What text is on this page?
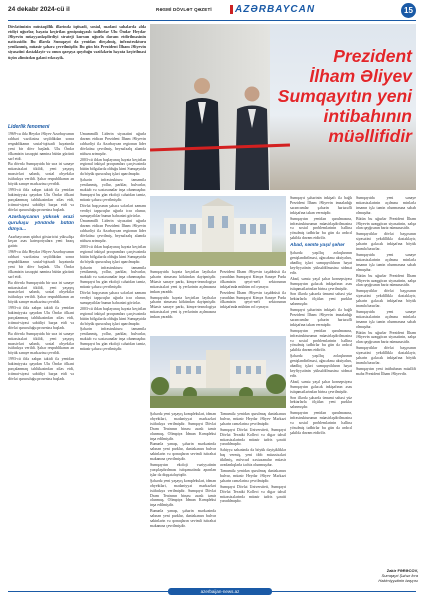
24 dekabr 2024-cü il	RƏSMİ DÖVLƏT QƏZETİ	AZƏRBAYCAN	15
Dövlətimizin müstəqillik illərində iqtisadi, sosial, mədəni sahələrdə əldə etdiyi uğurlar, həyata keçirilən genişmiqyaslı tədbirlər Ulu Öndər Heydər Əliyevin müəyyənləşdirdiyi strateji kursun uğurla davam etdirilməsinin nəticəsidir. Bu illərdə Sumqayıt da yenidən dirçəlmiş, infrastrukturu yenilənmiş, müasir şəhərə çevrilmişdir. Bu gün biz Prezident İlham Əliyevin siyasətini dəstəkləyir və onun qarşıya qoyduğu vəzifələrin həyata keçirilməsi üçün əlimizdən gələni edəcəyik.	Prezident
İlham Əliyev
Sumqayıtın yeni
intibahının
müəllifidir
Liderlik fenomeni

1969-cu ildə Heydər Əliyev Azərbaycanın rəhbəri vəzifəsinə seçildikdən sonra respublikanın sosial-iqtisadi həyatında yeni bir dövr başladı. Ulu Öndər ölkəmizin tərəqqisi naminə bütün gücünü sərf etdi.

Bu dövrdə Sumqayıtda bir sıra iri sənaye müəssisələri tikildi, yeni yaşayış massivləri salındı, sosial obyektlər istifadəyə verildi. Şəhər respublikanın ən böyük sənaye mərkəzinə çevrildi.

1993-cü ildə xalqın təkidi ilə yenidən hakimiyyətə qayıdan Ulu Öndər ölkəni parçalanmaq təhlükəsindən xilas etdi, ictimai-siyasi sabitliyi bərpa etdi və dövlət quruculuğu prosesinə başladı.

Azərbaycanın yüksək ərazi quruluşu yönündə bütün dünya...

Azərbaycanın qüdrət göstəricisi yüksəlişə keçən əsas kateqoriyalara yeni baxış gətirir.

1969-cu ildə Heydər Əliyev Azərbaycanın rəhbəri vəzifəsinə seçildikdən sonra respublikanın sosial-iqtisadi həyatında yeni bir dövr başladı. Ulu Öndər ölkəmizin tərəqqisi naminə bütün gücünü sərf etdi.

Bu dövrdə Sumqayıtda bir sıra iri sənaye müəssisələri tikildi, yeni yaşayış massivləri salındı, sosial obyektlər istifadəyə verildi. Şəhər respublikanın ən böyük sənaye mərkəzinə çevrildi.

1993-cü ildə xalqın təkidi ilə yenidən hakimiyyətə qayıdan Ulu Öndər ölkəni parçalanmaq təhlükəsindən xilas etdi, ictimai-siyasi sabitliyi bərpa etdi və dövlət quruculuğu prosesinə başladı.

Bu dövrdə Sumqayıtda bir sıra iri sənaye müəssisələri tikildi, yeni yaşayış massivləri salındı, sosial obyektlər istifadəyə verildi. Şəhər respublikanın ən böyük sənaye mərkəzinə çevrildi.

1993-cü ildə xalqın təkidi ilə yenidən hakimiyyətə qayıdan Ulu Öndər ölkəni parçalanmaq təhlükəsindən xilas etdi, ictimai-siyasi sabitliyi bərpa etdi və dövlət quruculuğu prosesinə başladı.

Ümummilli Liderin siyasətini uğurla davam etdirən Prezident İlham Əliyevin rəhbərliyi ilə Azərbaycan regionun lider dövlətinə çevrilmiş, beynəlxalq aləmdə nüfuzu artmışdır.

2003-cü ildən başlayaraq həyata keçirilən regional inkişaf proqramları çərçivəsində bütün bölgələrdə olduğu kimi Sumqayıtda da böyük quruculuq işləri aparılmışdır.

Şəhərin infrastrukturu tamamilə yenilənmiş, yollar, parklar, bulvarlar, məktəb və xəstəxanalar inşa olunmuşdur. Sumqayıt bu gün ekoloji cəhətdən təmiz, müasir şəhərə çevrilmişdir.

Dövlət başçısının şəhərə səfərləri zamanı verdiyi tapşırıqlar uğurla icra olunur, sumqayıtlılar bunun bəhrəsini görürlər.

Ümummilli Liderin siyasətini uğurla davam etdirən Prezident İlham Əliyevin rəhbərliyi ilə Azərbaycan regionun lider dövlətinə çevrilmiş, beynəlxalq aləmdə nüfuzu artmışdır.

2003-cü ildən başlayaraq həyata keçirilən regional inkişaf proqramları çərçivəsində bütün bölgələrdə olduğu kimi Sumqayıtda da böyük quruculuq işləri aparılmışdır.

Şəhərin infrastrukturu tamamilə yenilənmiş, yollar, parklar, bulvarlar, məktəb və xəstəxanalar inşa olunmuşdur. Sumqayıt bu gün ekoloji cəhətdən təmiz, müasir şəhərə çevrilmişdir.

Dövlət başçısının şəhərə səfərləri zamanı verdiyi tapşırıqlar uğurla icra olunur, sumqayıtlılar bunun bəhrəsini görürlər.

2003-cü ildən başlayaraq həyata keçirilən regional inkişaf proqramları çərçivəsində bütün bölgələrdə olduğu kimi Sumqayıtda da böyük quruculuq işləri aparılmışdır.

Şəhərin infrastrukturu tamamilə yenilənmiş, yollar, parklar, bulvarlar, məktəb və xəstəxanalar inşa olunmuşdur. Sumqayıt bu gün ekoloji cəhətdən təmiz, müasir şəhərə çevrilmişdir.

Sumqayıtda həyata keçirilən layihələr şəhərin simasını kökündən dəyişmişdir. Müasir sənaye parkı, kimya-texnologiya müəssisələri yeni iş yerlərinin açılmasına imkan yaradıb.

Sumqayıtda həyata keçirilən layihələr şəhərin simasını kökündən dəyişmişdir. Müasir sənaye parkı, kimya-texnologiya müəssisələri yeni iş yerlərinin açılmasına imkan yaradıb.

Prezident İlham Əliyevin təşəbbüsü ilə yaradılan Sumqayıt Kimya Sənaye Parkı ölkəmizin qeyri-neft sektorunun inkişafında mühüm rol oynayır.

Prezident İlham Əliyevin təşəbbüsü ilə yaradılan Sumqayıt Kimya Sənaye Parkı ölkəmizin qeyri-neft sektorunun inkişafında mühüm rol oynayır.

Şəhərdə yeni yaşayış kompleksləri, idman obyektləri, mədəniyyət mərkəzləri istifadəyə verilmişdir. Sumqayıt Dövlət Dram Teatrının binası əsaslı təmir olunmuş, Olimpiya İdman Kompleksi inşa edilmişdir.

Bununla yanaşı, şəhərin mərkəzində salınan yeni parklar, dənizkənarı bulvar sakinlərin və qonaqların sevimli istirahət məkanına çevrilmişdir.

Sumqayıtın ekoloji vəziyyətinin yaxşılaşdırılması istiqamətində aparılan işlər də diqqətəlayiqdir.

Şəhərdə yeni yaşayış kompleksləri, idman obyektləri, mədəniyyət mərkəzləri istifadəyə verilmişdir. Sumqayıt Dövlət Dram Teatrının binası əsaslı təmir olunmuş, Olimpiya İdman Kompleksi inşa edilmişdir.

Bununla yanaşı, şəhərin mərkəzində salınan yeni parklar, dənizkənarı bulvar sakinlərin və qonaqların sevimli istirahət məkanına çevrilmişdir.

Tamamilə yenidən qurulmuş dənizkənarı bulvar, müasir Heydər Əliyev Mərkəzi şəhərin rəmzlərinə çevrilmişdir.

Sumqayıt Dövlət Universiteti, Sumqayıt Dövlət Texniki Kolleci və digər təhsil müəssisələrində müasir tədris şəraiti yaradılmışdır.

Səhiyyə sahəsində də böyük dəyişikliklər baş vermiş, yeni tibb müəssisələri tikilmiş, mövcud xəstəxanalar müasir avadanlıqlarla təchiz olunmuşdur.

Tamamilə yenidən qurulmuş dənizkənarı bulvar, müasir Heydər Əliyev Mərkəzi şəhərin rəmzlərinə çevrilmişdir.

Sumqayıt Dövlət Universiteti, Sumqayıt Dövlət Texniki Kolleci və digər təhsil müəssisələrində müasir tədris şəraiti yaradılmışdır.

Sumqayıt şəhərinin inkişafı ilə bağlı Prezident İlham Əliyevin imzaladığı sərəncamlar şəhərin hərtərəfli inkişafına təkan vermişdir.

Sumqayıtın yenidən qurulmasına, infrastrukturunun müasirləşdirilməsinə və sosial problemlərinin həllinə yönəlmiş tədbirlər bu gün də ardıcıl şəkildə davam etdirilir.

Abad, səmtə yaşıl şəhər

Şəhərdə yaşıllıq zolaqlarının genişləndirilməsi, ağacəkmə aksiyaları, abadlıq işləri sumqayıtlıların həyat keyfiyyətinin yüksəldilməsinə xidmət edir.

Abad, səmtə yaşıl şəhər konsepsiyası Sumqayıtın gələcək inkişafının əsas istiqamətlərindən birinə çevrilmişdir.

Son illərdə şəhərdə ümumi sahəsi yüz hektarlarla ölçülən yeni parklar salınmışdır.

Sumqayıt şəhərinin inkişafı ilə bağlı Prezident İlham Əliyevin imzaladığı sərəncamlar şəhərin hərtərəfli inkişafına təkan vermişdir.

Sumqayıtın yenidən qurulmasına, infrastrukturunun müasirləşdirilməsinə və sosial problemlərinin həllinə yönəlmiş tədbirlər bu gün də ardıcıl şəkildə davam etdirilir.

Şəhərdə yaşıllıq zolaqlarının genişləndirilməsi, ağacəkmə aksiyaları, abadlıq işləri sumqayıtlıların həyat keyfiyyətinin yüksəldilməsinə xidmət edir.

Abad, səmtə yaşıl şəhər konsepsiyası Sumqayıtın gələcək inkişafının əsas istiqamətlərindən birinə çevrilmişdir.

Son illərdə şəhərdə ümumi sahəsi yüz hektarlarla ölçülən yeni parklar salınmışdır.

Sumqayıtın yenidən qurulmasına, infrastrukturunun müasirləşdirilməsinə və sosial problemlərinin həllinə yönəlmiş tədbirlər bu gün də ardıcıl şəkildə davam etdirilir.

Sumqayıtda yeni sənaye müəssisələrinin açılması minlərlə insanın işlə təmin olunmasına səbəb olmuşdur.

Bütün bu uğurlar Prezident İlham Əliyevin uzaqgörən siyasətinin, xalqa olan qayğısının bariz nümunəsidir.

Sumqayıtlılar dövlət başçısının siyasətini yekdilliklə dəstəkləyir, şəhərin gələcək inkişafına böyük inamla baxırlar.

Sumqayıtda yeni sənaye müəssisələrinin açılması minlərlə insanın işlə təmin olunmasına səbəb olmuşdur.

Bütün bu uğurlar Prezident İlham Əliyevin uzaqgörən siyasətinin, xalqa olan qayğısının bariz nümunəsidir.

Sumqayıtlılar dövlət başçısının siyasətini yekdilliklə dəstəkləyir, şəhərin gələcək inkişafına böyük inamla baxırlar.

Sumqayıtda yeni sənaye müəssisələrinin açılması minlərlə insanın işlə təmin olunmasına səbəb olmuşdur.

Bütün bu uğurlar Prezident İlham Əliyevin uzaqgörən siyasətinin, xalqa olan qayğısının bariz nümunəsidir.

Sumqayıtlılar dövlət başçısının siyasətini yekdilliklə dəstəkləyir, şəhərin gələcək inkişafına böyük inamla baxırlar.

Sumqayıtın yeni intibahının müəllifi məhz Prezident İlham Əliyevdir.

Zakir FƏRƏCOV,
Sumqayıt Şəhər İcra Hakimiyyətinin başçısı
azerbaijan-news.az
